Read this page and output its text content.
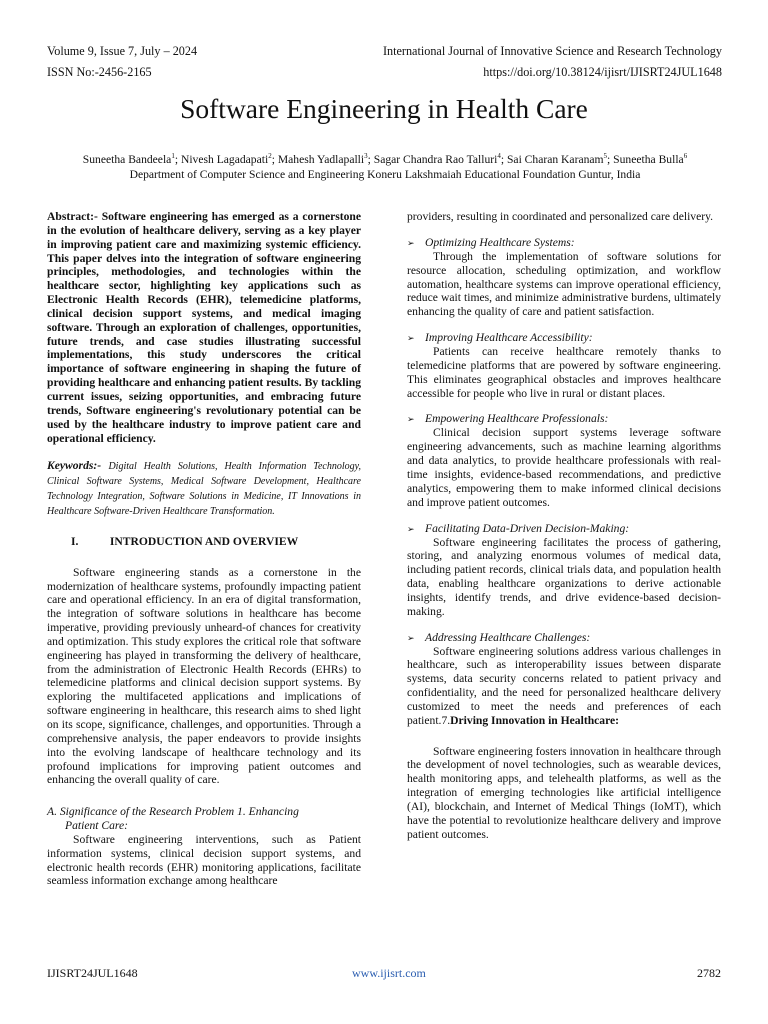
Volume 9, Issue 7, July – 2024
ISSN No:-2456-2165
International Journal of Innovative Science and Research Technology
https://doi.org/10.38124/ijisrt/IJISRT24JUL1648
Software Engineering in Health Care
Suneetha Bandeela$^1$; Nivesh Lagadapati$^2$; Mahesh Yadlapalli$^3$; Sagar Chandra Rao Talluri$^4$; Sai Charan Karanam$^5$; Suneetha Bulla$^6$
Department of Computer Science and Engineering Koneru Lakshmaiah Educational Foundation Guntur, India

Abstract:- Software engineering has emerged as a cornerstone in the evolution of healthcare delivery, serving as a key player in improving patient care and maximizing systemic efficiency. This paper delves into the integration of software engineering principles, methodologies, and technologies within the healthcare sector, highlighting key applications such as Electronic Health Records (EHR), telemedicine platforms, clinical decision support systems, and medical imaging software. Through an exploration of challenges, opportunities, future trends, and case studies illustrating successful implementations, this study underscores the critical importance of software engineering in shaping the future of providing healthcare and enhancing patient results. By tackling current issues, seizing opportunities, and embracing future trends, Software engineering's revolutionary potential can be used by the healthcare industry to improve patient care and operational efficiency.

Keywords:- Digital Health Solutions, Health Information Technology, Clinical Software Systems, Medical Software Development, Healthcare Technology Integration, Software Solutions in Medicine, IT Innovations in Healthcare Software-Driven Healthcare Transformation.

I.	INTRODUCTION AND OVERVIEW

Software engineering stands as a cornerstone in the modernization of healthcare systems, profoundly impacting patient care and operational efficiency. In an era of digital transformation, the integration of software solutions in healthcare has become imperative, providing previously unheard-of chances for creativity and optimization. This study explores the critical role that software engineering has played in transforming the delivery of healthcare, from the administration of Electronic Health Records (EHRs) to telemedicine platforms and clinical decision support systems. By exploring the multifaceted applications and implications of software engineering in healthcare, this research aims to shed light on its scope, significance, challenges, and opportunities. Through a comprehensive analysis, the paper endeavors to provide insights into the evolving landscape of healthcare technology and its profound implications for improving patient outcomes and enhancing the overall quality of care.

A. Significance of the Research Problem 1. Enhancing
Patient Care:

Software engineering interventions, such as Patient information systems, clinical decision support systems, and electronic health records (EHR) monitoring applications, facilitate seamless information exchange among healthcare

providers, resulting in coordinated and personalized care delivery.

➢ Optimizing Healthcare Systems:

Through the implementation of software solutions for resource allocation, scheduling optimization, and workflow automation, healthcare systems can improve operational efficiency, reduce wait times, and minimize administrative burdens, ultimately enhancing the quality of care and patient satisfaction.

➢ Improving Healthcare Accessibility:

Patients can receive healthcare remotely thanks to telemedicine platforms that are powered by software engineering. This eliminates geographical obstacles and improves healthcare accessible for people who live in rural or distant places.

➢ Empowering Healthcare Professionals:

Clinical decision support systems leverage software engineering advancements, such as machine learning algorithms and data analytics, to provide healthcare professionals with real-time insights, evidence-based recommendations, and predictive analytics, empowering them to make informed clinical decisions and improve patient outcomes.

➢ Facilitating Data-Driven Decision-Making:

Software engineering facilitates the process of gathering, storing, and analyzing enormous volumes of medical data, including patient records, clinical trials data, and population health data, enabling healthcare organizations to derive actionable insights, identify trends, and drive evidence-based decision-making.

➢ Addressing Healthcare Challenges:

Software engineering solutions address various challenges in healthcare, such as interoperability issues between disparate systems, data security concerns related to patient privacy and confidentiality, and the need for personalized healthcare delivery customized to meet the needs and preferences of each patient.7.Driving Innovation in Healthcare:

Software engineering fosters innovation in healthcare through the development of novel technologies, such as wearable devices, health monitoring apps, and telehealth platforms, as well as the integration of emerging technologies like artificial intelligence (AI), blockchain, and Internet of Medical Things (IoMT), which have the potential to revolutionize healthcare delivery and improve patient outcomes.

IJISRT24JUL1648	www.ijisrt.com	2782
